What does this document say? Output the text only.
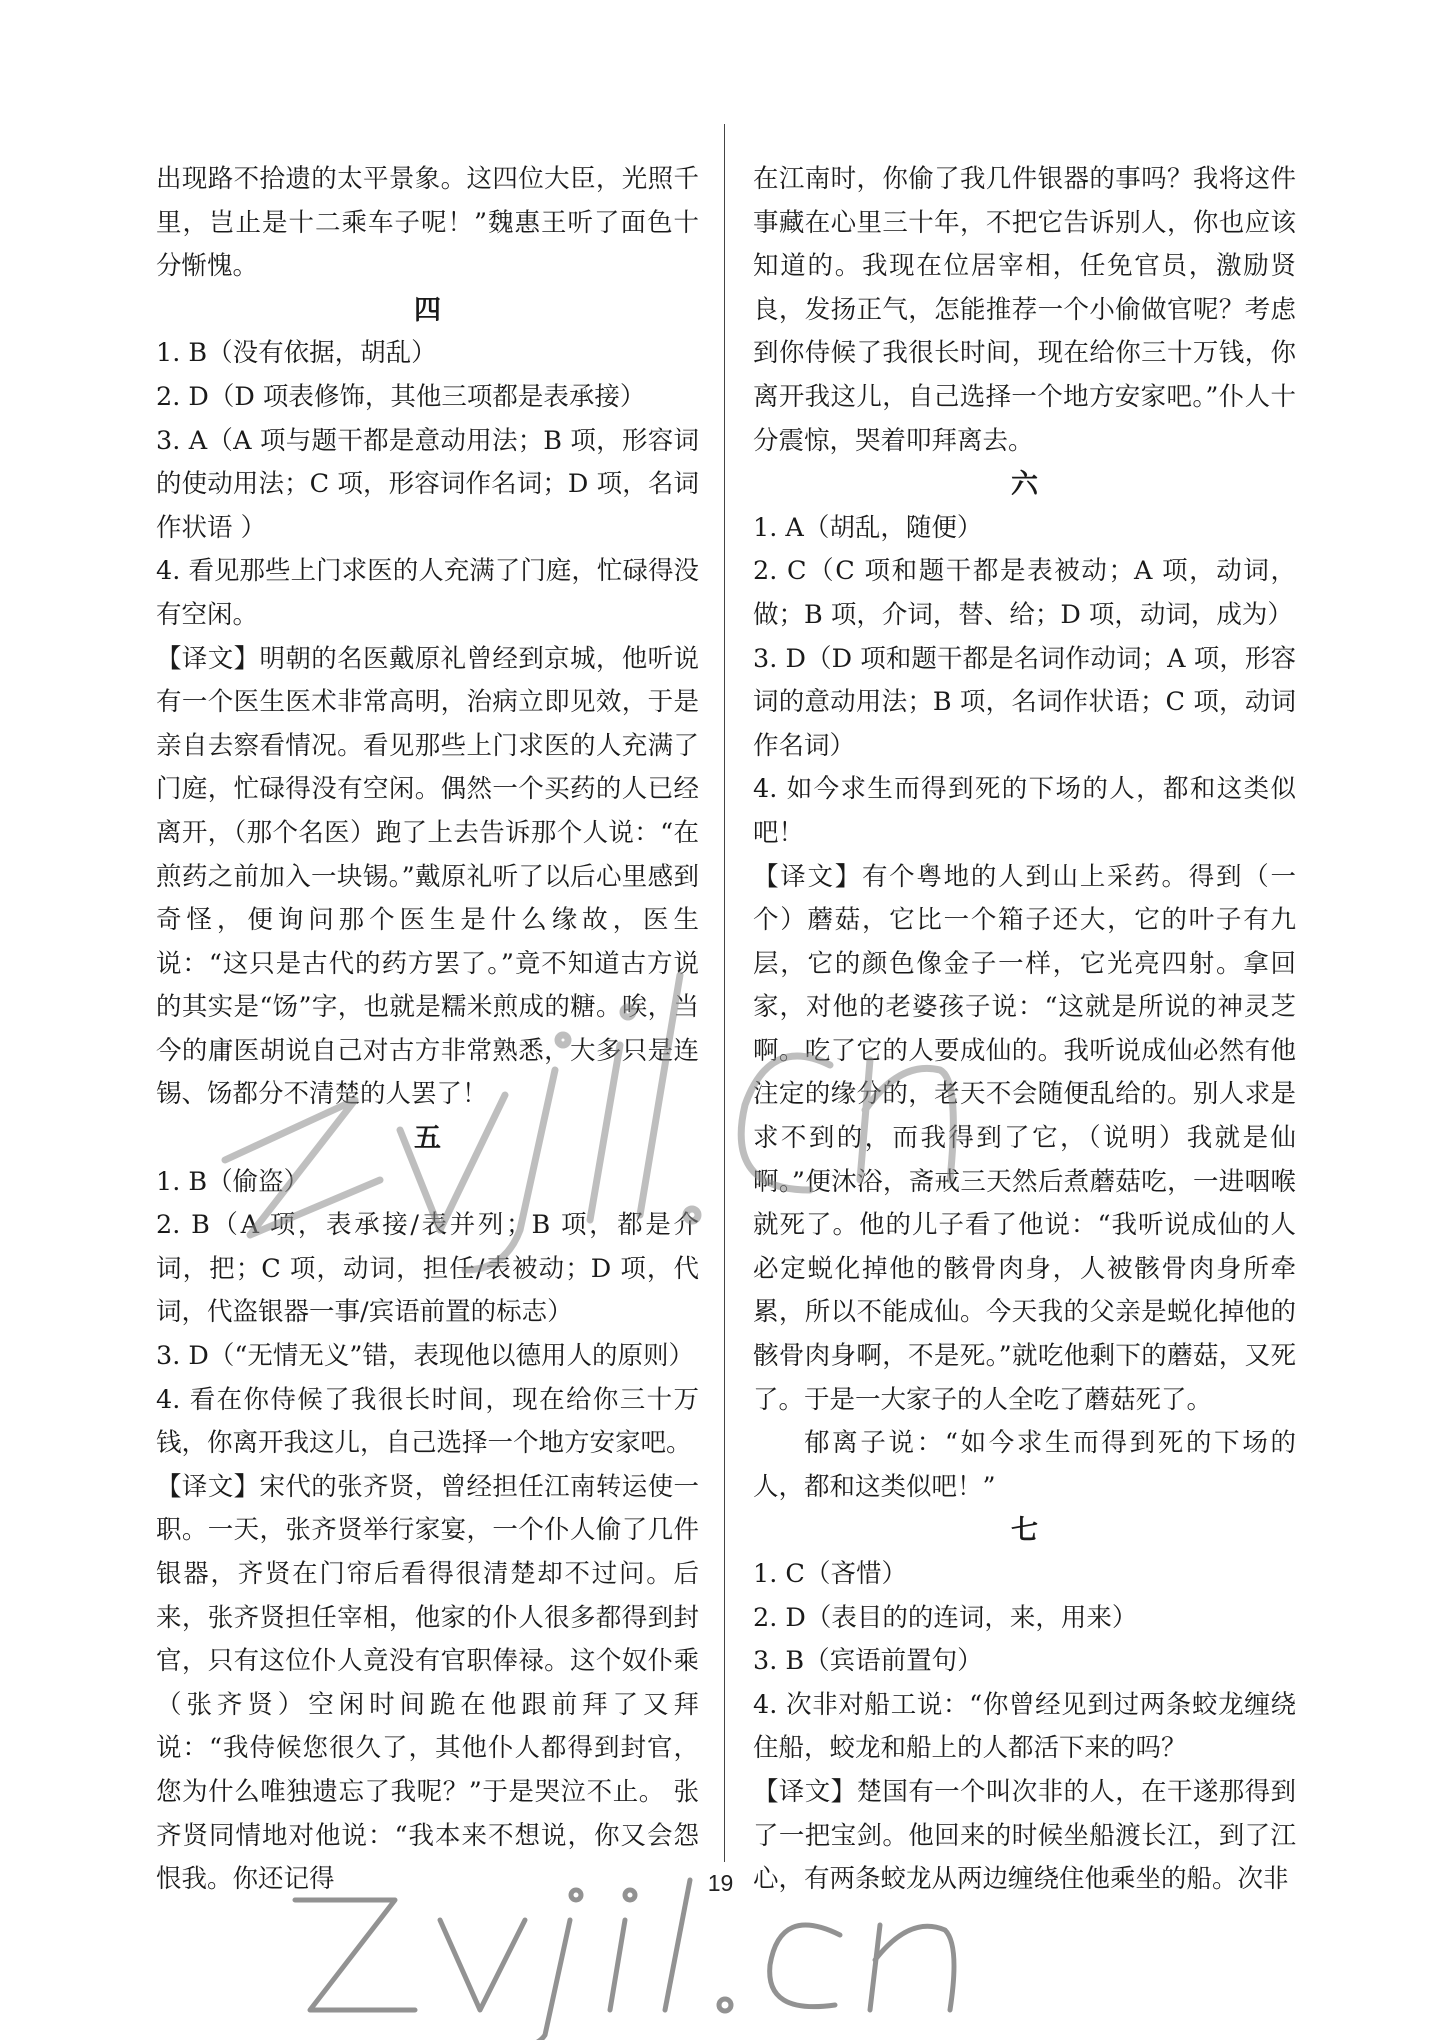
出现路不拾遗的太平景象。这四位大臣，光照千里，岂止是十二乘车子呢！”魏惠王听了面色十分惭愧。

四

1. B（没有依据，胡乱）

2. D（D 项表修饰，其他三项都是表承接）

3. A（A 项与题干都是意动用法；B 项，形容词的使动用法；C 项，形容词作名词；D 项，名词作状语 ）

4. 看见那些上门求医的人充满了门庭，忙碌得没有空闲。

【译文】明朝的名医戴原礼曾经到京城，他听说有一个医生医术非常高明，治病立即见效，于是亲自去察看情况。看见那些上门求医的人充满了门庭，忙碌得没有空闲。偶然一个买药的人已经离开，（那个名医）跑了上去告诉那个人说：“在煎药之前加入一块锡。”戴原礼听了以后心里感到奇怪，便询问那个医生是什么缘故，医生说：“这只是古代的药方罢了。”竟不知道古方说的其实是“饧”字，也就是糯米煎成的糖。唉，当今的庸医胡说自己对古方非常熟悉，大多只是连锡、饧都分不清楚的人罢了！

五

1. B（偷盗）

2. B（A 项，表承接/表并列；B 项，都是介词，把；C 项，动词，担任/表被动；D 项，代词，代盗银器一事/宾语前置的标志）

3. D（“无情无义”错，表现他以德用人的原则）

4. 看在你侍候了我很长时间，现在给你三十万钱，你离开我这儿，自己选择一个地方安家吧。

【译文】宋代的张齐贤，曾经担任江南转运使一职。一天，张齐贤举行家宴，一个仆人偷了几件银器，齐贤在门帘后看得很清楚却不过问。后来，张齐贤担任宰相，他家的仆人很多都得到封官，只有这位仆人竟没有官职俸禄。这个奴仆乘（张齐贤）空闲时间跪在他跟前拜了又拜说：“我侍候您很久了，其他仆人都得到封官，您为什么唯独遗忘了我呢？”于是哭泣不止。 张齐贤同情地对他说：“我本来不想说，你又会怨恨我。你还记得

在江南时，你偷了我几件银器的事吗？我将这件事藏在心里三十年，不把它告诉别人，你也应该知道的。我现在位居宰相，任免官员，激励贤良，发扬正气，怎能推荐一个小偷做官呢？考虑到你侍候了我很长时间，现在给你三十万钱，你离开我这儿，自己选择一个地方安家吧。”仆人十分震惊，哭着叩拜离去。

六

1. A（胡乱，随便）

2. C（C 项和题干都是表被动；A 项，动词，做；B 项，介词，替、给；D 项，动词，成为）

3. D（D 项和题干都是名词作动词；A 项，形容词的意动用法；B 项，名词作状语；C 项，动词作名词）

4. 如今求生而得到死的下场的人，都和这类似吧！

【译文】有个粤地的人到山上采药。得到（一个）蘑菇，它比一个箱子还大，它的叶子有九层，它的颜色像金子一样，它光亮四射。拿回家，对他的老婆孩子说：“这就是所说的神灵芝啊。吃了它的人要成仙的。我听说成仙必然有他注定的缘分的，老天不会随便乱给的。别人求是求不到的，而我得到了它，（说明）我就是仙啊。”便沐浴，斋戒三天然后煮蘑菇吃，一进咽喉就死了。他的儿子看了他说：“我听说成仙的人必定蜕化掉他的骸骨肉身，人被骸骨肉身所牵累，所以不能成仙。今天我的父亲是蜕化掉他的骸骨肉身啊，不是死。”就吃他剩下的蘑菇，又死了。于是一大家子的人全吃了蘑菇死了。

郁离子说：“如今求生而得到死的下场的人，都和这类似吧！”

七

1. C（吝惜）

2. D（表目的的连词，来，用来）

3. B（宾语前置句）

4. 次非对船工说：“你曾经见到过两条蛟龙缠绕住船，蛟龙和船上的人都活下来的吗？

【译文】楚国有一个叫次非的人，在干遂那得到了一把宝剑。他回来的时候坐船渡长江，到了江心，有两条蛟龙从两边缠绕住他乘坐的船。次非

19
